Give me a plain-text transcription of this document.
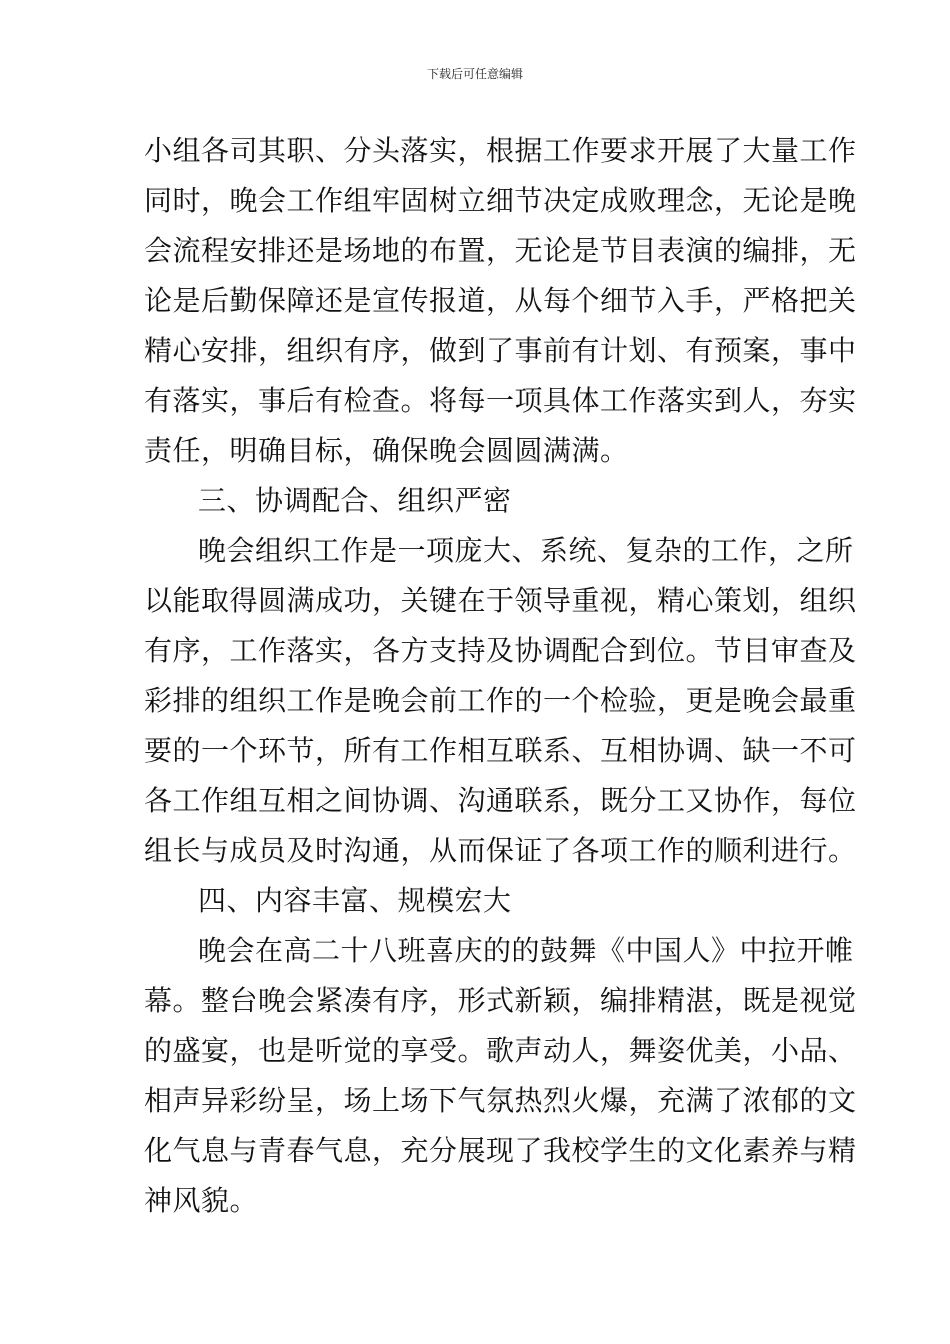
下载后可任意编辑
小组各司其职、分头落实，根据工作要求开展了大量工作
同时，晚会工作组牢固树立细节决定成败理念，无论是晚
会流程安排还是场地的布置，无论是节目表演的编排，无
论是后勤保障还是宣传报道，从每个细节入手，严格把关
精心安排，组织有序，做到了事前有计划、有预案，事中
有落实，事后有检查。将每一项具体工作落实到人，夯实
责任，明确目标，确保晚会圆圆满满。
三、协调配合、组织严密
晚会组织工作是一项庞大、系统、复杂的工作，之所
以能取得圆满成功，关键在于领导重视，精心策划，组织
有序，工作落实，各方支持及协调配合到位。节目审查及
彩排的组织工作是晚会前工作的一个检验，更是晚会最重
要的一个环节，所有工作相互联系、互相协调、缺一不可
各工作组互相之间协调、沟通联系，既分工又协作，每位
组长与成员及时沟通，从而保证了各项工作的顺利进行。
四、内容丰富、规模宏大
晚会在高二十八班喜庆的的鼓舞《中国人》中拉开帷
幕。整台晚会紧凑有序，形式新颖，编排精湛，既是视觉
的盛宴，也是听觉的享受。歌声动人，舞姿优美，小品、
相声异彩纷呈，场上场下气氛热烈火爆，充满了浓郁的文
化气息与青春气息，充分展现了我校学生的文化素养与精
神风貌。
